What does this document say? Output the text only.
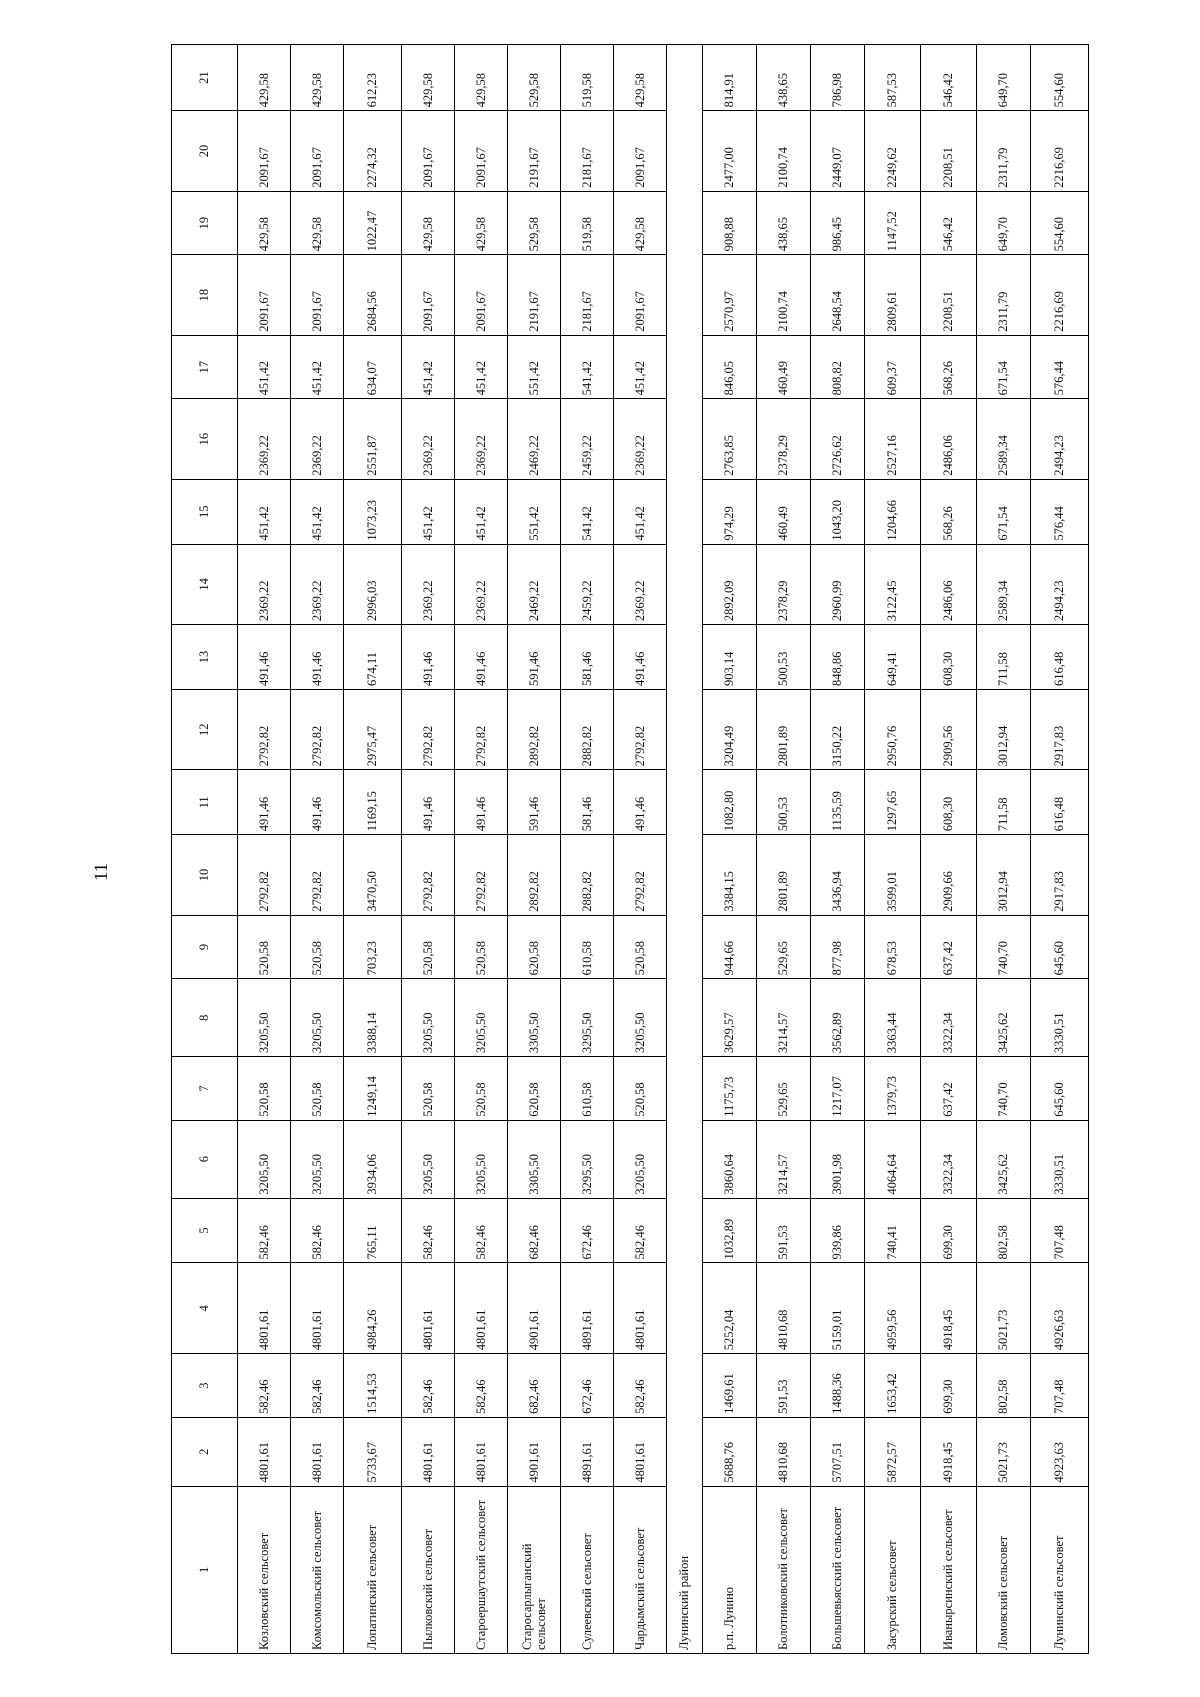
11
1	2	3	4	5	6	7	8	9	10	11	12	13	14	15	16	17	18	19	20	21
Козловский сельсовет	4801,61	582,46	4801,61	582,46	3205,50	520,58	3205,50	520,58	2792,82	491,46	2792,82	491,46	2369,22	451,42	2369,22	451,42	2091,67	429,58	2091,67	429,58
Комсомольский сельсовет	4801,61	582,46	4801,61	582,46	3205,50	520,58	3205,50	520,58	2792,82	491,46	2792,82	491,46	2369,22	451,42	2369,22	451,42	2091,67	429,58	2091,67	429,58
Лопатинский сельсовет	5733,67	1514,53	4984,26	765,11	3934,06	1249,14	3388,14	703,23	3470,50	1169,15	2975,47	674,11	2996,03	1073,23	2551,87	634,07	2684,56	1022,47	2274,32	612,23
Пылковский сельсовет	4801,61	582,46	4801,61	582,46	3205,50	520,58	3205,50	520,58	2792,82	491,46	2792,82	491,46	2369,22	451,42	2369,22	451,42	2091,67	429,58	2091,67	429,58
Староершаутский сельсовет	4801,61	582,46	4801,61	582,46	3205,50	520,58	3205,50	520,58	2792,82	491,46	2792,82	491,46	2369,22	451,42	2369,22	451,42	2091,67	429,58	2091,67	429,58
Старосарлыганский сельсовет	4901,61	682,46	4901,61	682,46	3305,50	620,58	3305,50	620,58	2892,82	591,46	2892,82	591,46	2469,22	551,42	2469,22	551,42	2191,67	529,58	2191,67	529,58
Сулеевский сельсовет	4891,61	672,46	4891,61	672,46	3295,50	610,58	3295,50	610,58	2882,82	581,46	2882,82	581,46	2459,22	541,42	2459,22	541,42	2181,67	519,58	2181,67	519,58
Чардымский сельсовет	4801,61	582,46	4801,61	582,46	3205,50	520,58	3205,50	520,58	2792,82	491,46	2792,82	491,46	2369,22	451,42	2369,22	451,42	2091,67	429,58	2091,67	429,58
Лунинский район																				
р.п. Лунино	5688,76	1469,61	5252,04	1032,89	3860,64	1175,73	3629,57	944,66	3384,15	1082,80	3204,49	903,14	2892,09	974,29	2763,85	846,05	2570,97	908,88	2477,00	814,91
Болотниковский сельсовет	4810,68	591,53	4810,68	591,53	3214,57	529,65	3214,57	529,65	2801,89	500,53	2801,89	500,53	2378,29	460,49	2378,29	460,49	2100,74	438,65	2100,74	438,65
Большевьясский сельсовет	5707,51	1488,36	5159,01	939,86	3901,98	1217,07	3562,89	877,98	3436,94	1135,59	3150,22	848,86	2960,99	1043,20	2726,62	808,82	2648,54	986,45	2449,07	786,98
Засурский сельсовет	5872,57	1653,42	4959,56	740,41	4064,64	1379,73	3363,44	678,53	3599,01	1297,65	2950,76	649,41	3122,45	1204,66	2527,16	609,37	2809,61	1147,52	2249,62	587,53
Иванырсинский сельсовет	4918,45	699,30	4918,45	699,30	3322,34	637,42	3322,34	637,42	2909,66	608,30	2909,56	608,30	2486,06	568,26	2486,06	568,26	2208,51	546,42	2208,51	546,42
Ломовский сельсовет	5021,73	802,58	5021,73	802,58	3425,62	740,70	3425,62	740,70	3012,94	711,58	3012,94	711,58	2589,34	671,54	2589,34	671,54	2311,79	649,70	2311,79	649,70
Лунинский сельсовет	4923,63	707,48	4926,63	707,48	3330,51	645,60	3330,51	645,60	2917,83	616,48	2917,83	616,48	2494,23	576,44	2494,23	576,44	2216,69	554,60	2216,69	554,60
